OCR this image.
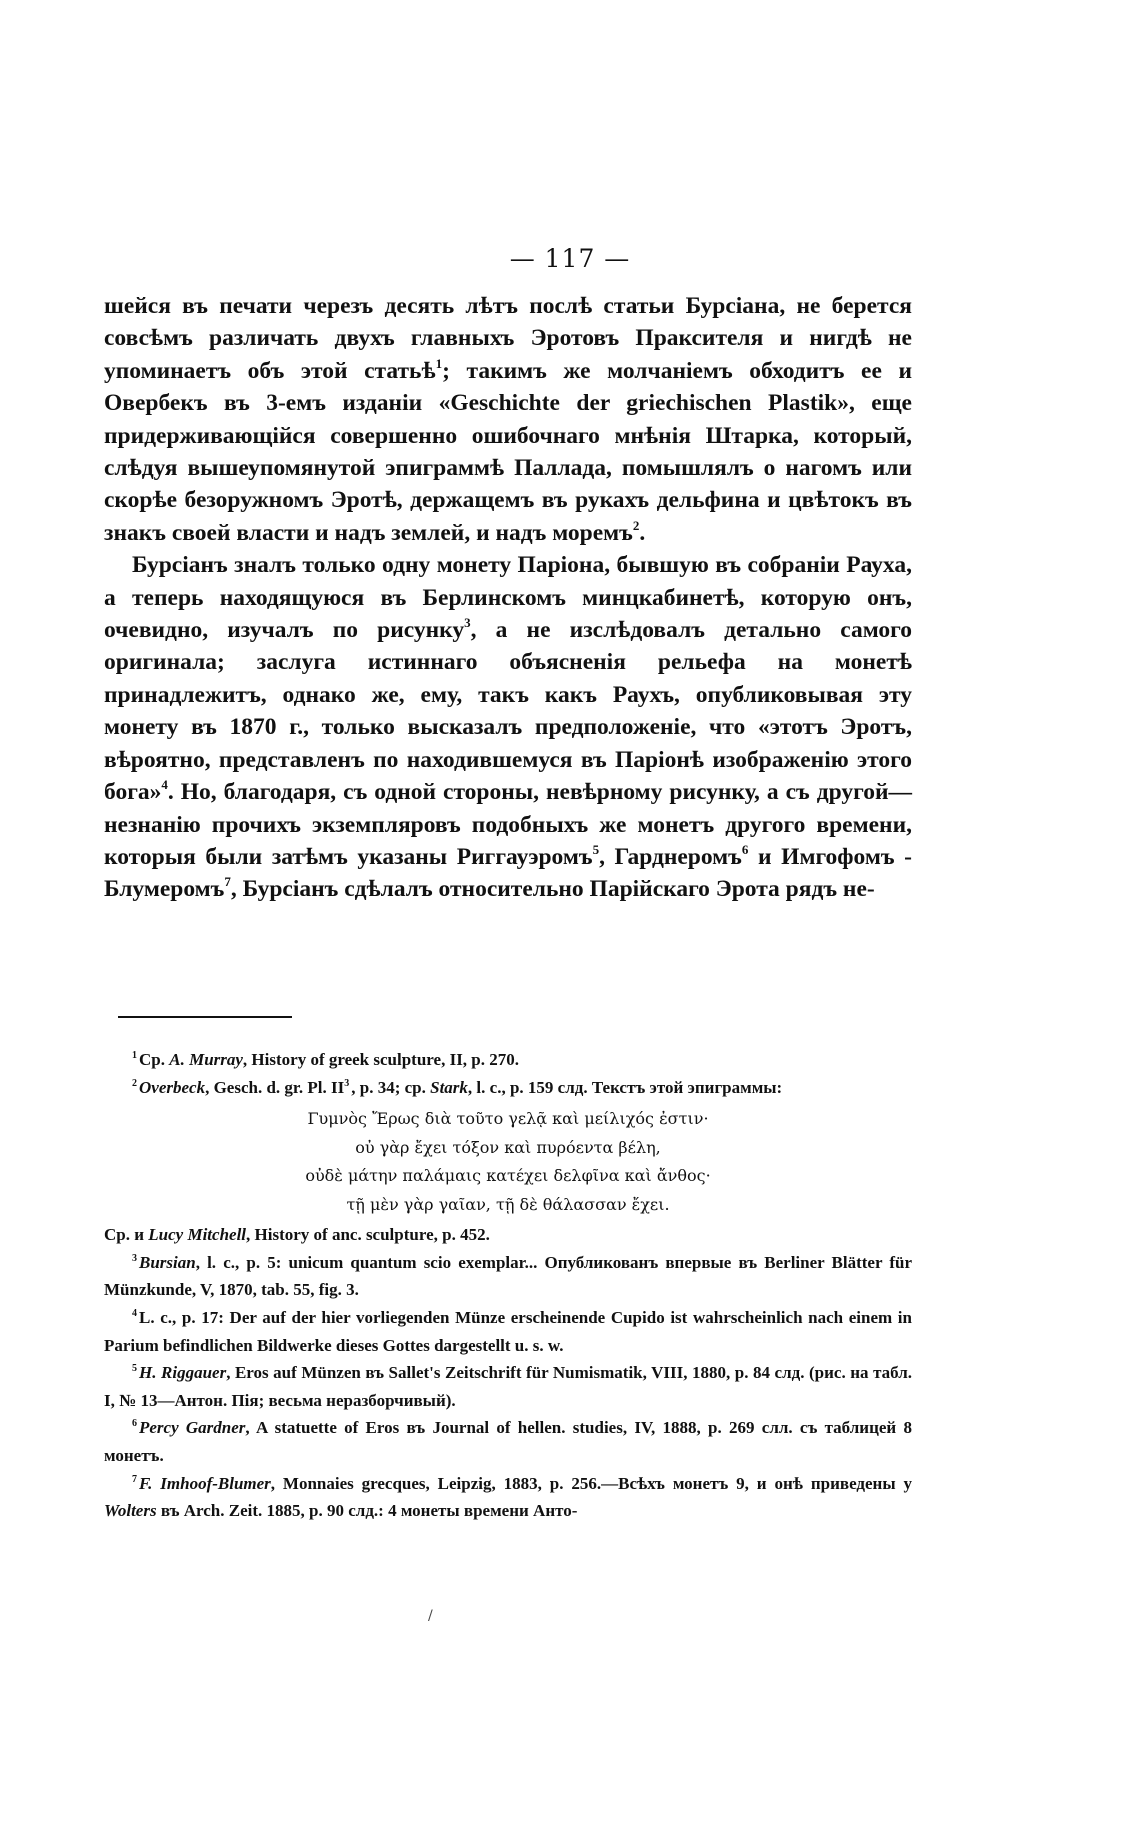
— 117 —

шейся въ печати черезъ десять лѣтъ послѣ статьи Бурсіана, не берется совсѣмъ различать двухъ главныхъ Эротовъ Праксителя и нигдѣ не упоминаетъ объ этой статьѣ$^1$; такимъ же молчаніемъ обходитъ ее и Овербекъ въ 3-емъ изданіи «Geschichte der griechischen Plastik», еще придерживающійся совершенно ошибочнаго мнѣнія Штарка, который, слѣдуя вышеупомянутой эпиграммѣ Паллада, помышлялъ о нагомъ или скорѣе безоружномъ Эротѣ, держащемъ въ рукахъ дельфина и цвѣтокъ въ знакъ своей власти и надъ землей, и надъ моремъ$^2$.

Бурсіанъ зналъ только одну монету Паріона, бывшую въ собраніи Рауха, а теперь находящуюся въ Берлинскомъ минцкабинетѣ, которую онъ, очевидно, изучалъ по рисунку$^3$, а не изслѣдовалъ детально самого оригинала; заслуга истиннаго объясненія рельефа на монетѣ принадлежитъ, однако же, ему, такъ какъ Раухъ, опубликовывая эту монету въ 1870 г., только высказалъ предположеніе, что «этотъ Эротъ, вѣроятно, представленъ по находившемуся въ Паріонѣ изображенію этого бога»$^4$. Но, благодаря, съ одной стороны, невѣрному рисунку, а съ другой—незнанію прочихъ экземпляровъ подобныхъ же монетъ другого времени, которыя были затѣмъ указаны Риггауэромъ$^5$, Гарднеромъ$^6$ и Имгофомъ - Блумеромъ$^7$, Бурсіанъ сдѣлалъ относительно Парійскаго Эрота рядъ не-

$^1$ Ср. A. Murray, History of greek sculpture, II, p. 270.

$^2$ Overbeck, Gesch. d. gr. Pl. $II^3$ , p. 34; cp. Stark, l. c., p. 159 слд. Текстъ этой эпиграммы:

Γυμνὸς Ἔρως διὰ τοῦτο γελᾷ καὶ μείλιχός ἐστιν·
οὐ γὰρ ἔχει τόξον καὶ πυρόεντα βέλη,
οὐδὲ μάτην παλάμαις κατέχει δελφῖνα καὶ ἄνθος·
τῇ μὲν γὰρ γαῖαν, τῇ δὲ θάλασσαν ἔχει.

Ср. и Lucy Mitchell, History of anc. sculpture, p. 452.

$^3$ Bursian, l. c., p. 5: unicum quantum scio exemplar... Опубликованъ впервые въ Berliner Blätter für Münzkunde, V, 1870, tab. 55, fig. 3.

$^4$ L. c., p. 17: Der auf der hier vorliegenden Münze erscheinende Cupido ist wahrscheinlich nach einem in Parium befindlichen Bildwerke dieses Gottes dargestellt u. s. w.

$^5$ H. Riggauer, Eros auf Münzen въ Sallet's Zeitschrift für Numismatik, VIII, 1880, p. 84 слд. (рис. на табл. I, № 13—Антон. Пія; весьма неразборчивый).

$^6$ Percy Gardner, A statuette of Eros въ Journal of hellen. studies, IV, 1888, p. 269 слл. съ таблицей 8 монетъ.

$^7$ F. Imhoof-Blumer, Monnaies grecques, Leipzig, 1883, p. 256.—Всѣхъ монетъ 9, и онѣ приведены у Wolters въ Arch. Zeit. 1885, p. 90 слд.: 4 монеты времени Анто-

/
